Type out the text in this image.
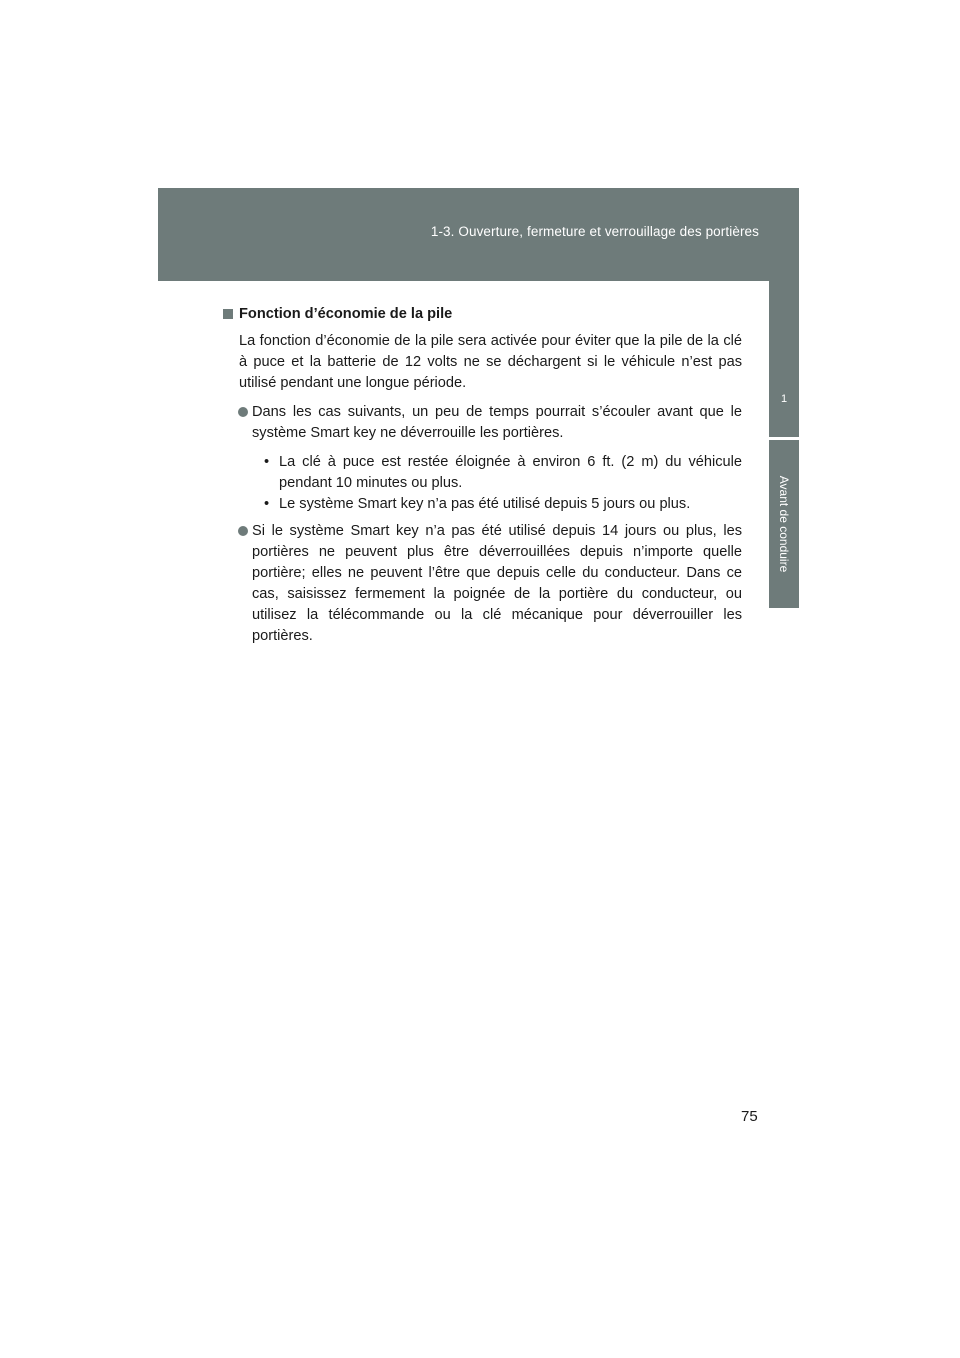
1-3. Ouverture, fermeture et verrouillage des portières
1
Avant de conduire
Fonction d’économie de la pile

La fonction d’économie de la pile sera activée pour éviter que la pile de la clé à puce et la batterie de 12 volts ne se déchargent si le véhicule n’est pas utilisé pendant une longue période.

Dans les cas suivants, un peu de temps pourrait s’écouler avant que le système Smart key ne déverrouille les portières.
• La clé à puce est restée éloignée à environ 6 ft. (2 m) du véhicule pendant 10 minutes ou plus.
• Le système Smart key n’a pas été utilisé depuis 5 jours ou plus.
Si le système Smart key n’a pas été utilisé depuis 14 jours ou plus, les portières ne peuvent plus être déverrouillées depuis n’importe quelle portière; elles ne peuvent l’être que depuis celle du conducteur. Dans ce cas, saisissez fermement la poignée de la portière du conducteur, ou utilisez la télécommande ou la clé mécanique pour déverrouiller les portières.
75
